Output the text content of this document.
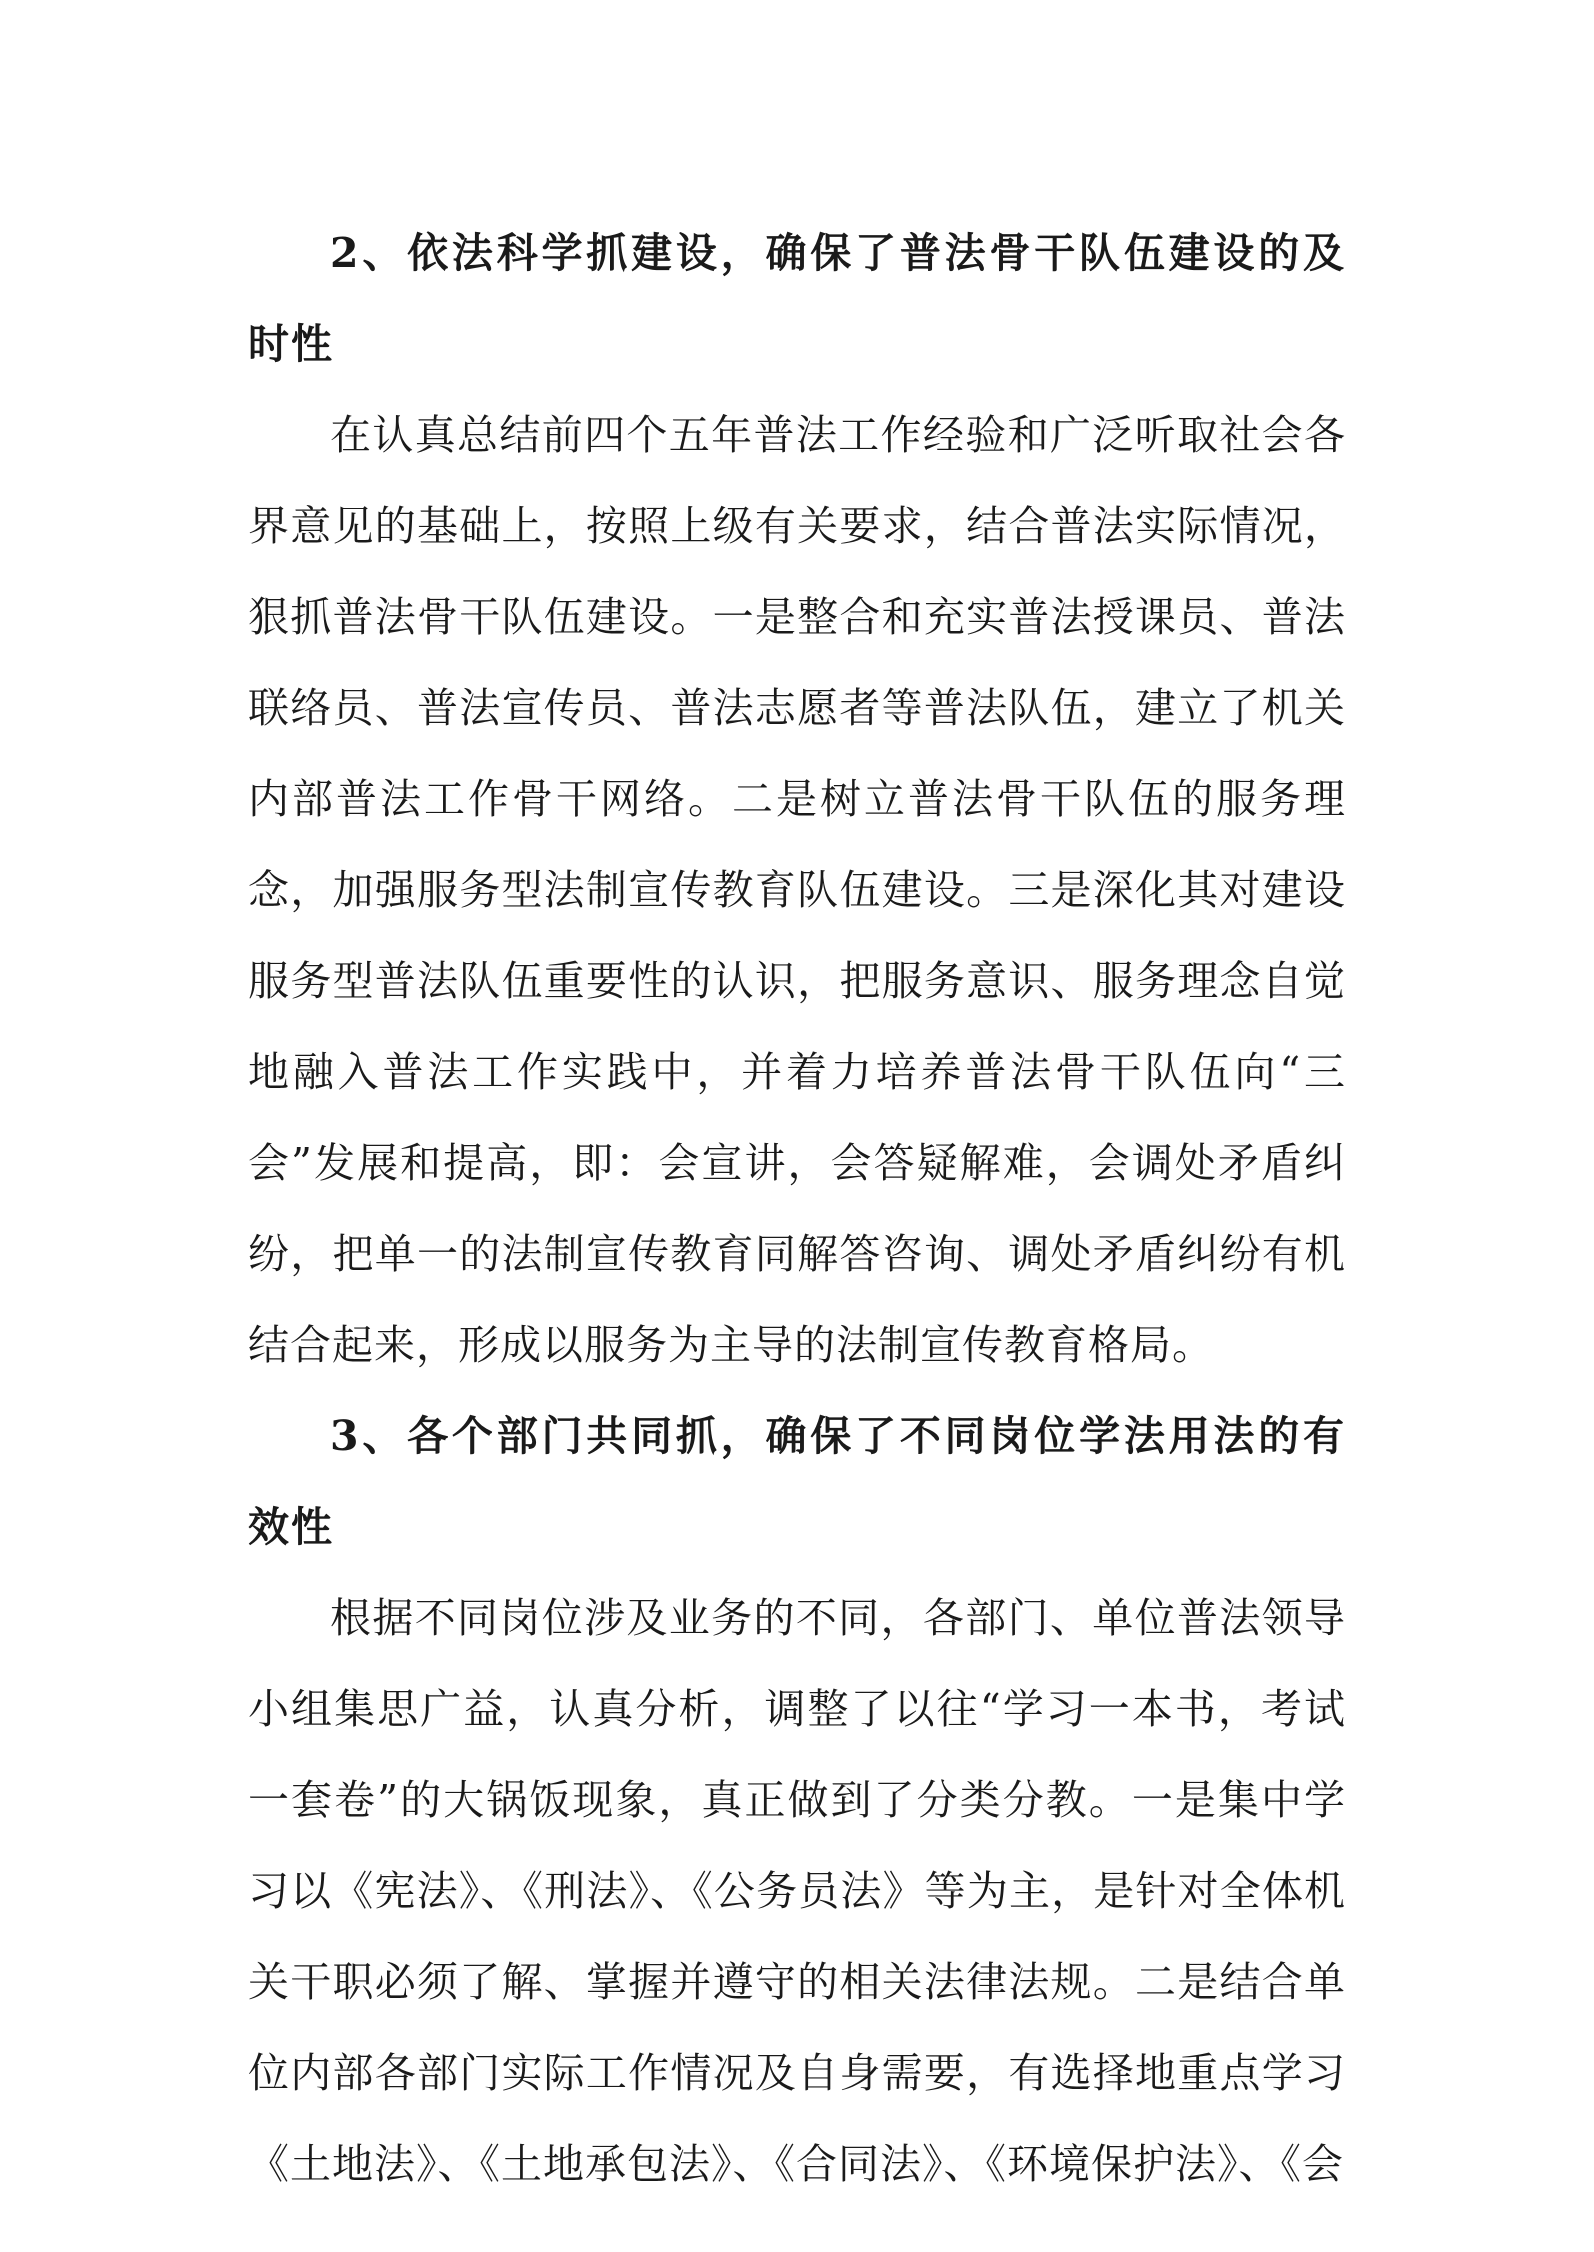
2、依法科学抓建设，确保了普法骨干队伍建设的及时性

在认真总结前四个五年普法工作经验和广泛听取社会各界意见的基础上，按照上级有关要求，结合普法实际情况，狠抓普法骨干队伍建设。一是整合和充实普法授课员、普法联络员、普法宣传员、普法志愿者等普法队伍，建立了机关内部普法工作骨干网络。二是树立普法骨干队伍的服务理念，加强服务型法制宣传教育队伍建设。三是深化其对建设服务型普法队伍重要性的认识，把服务意识、服务理念自觉地融入普法工作实践中，并着力培养普法骨干队伍向“三会”发展和提高，即：会宣讲，会答疑解难，会调处矛盾纠纷，把单一的法制宣传教育同解答咨询、调处矛盾纠纷有机结合起来，形成以服务为主导的法制宣传教育格局。

3、各个部门共同抓，确保了不同岗位学法用法的有效性

根据不同岗位涉及业务的不同，各部门、单位普法领导小组集思广益，认真分析，调整了以往“学习一本书，考试一套卷”的大锅饭现象，真正做到了分类分教。一是集中学习以《宪法》、《刑法》、《公务员法》等为主，是针对全体机关干职必须了解、掌握并遵守的相关法律法规。二是结合单位内部各部门实际工作情况及自身需要，有选择地重点学习《土地法》、《土地承包法》、《合同法》、《环境保护法》、《会
